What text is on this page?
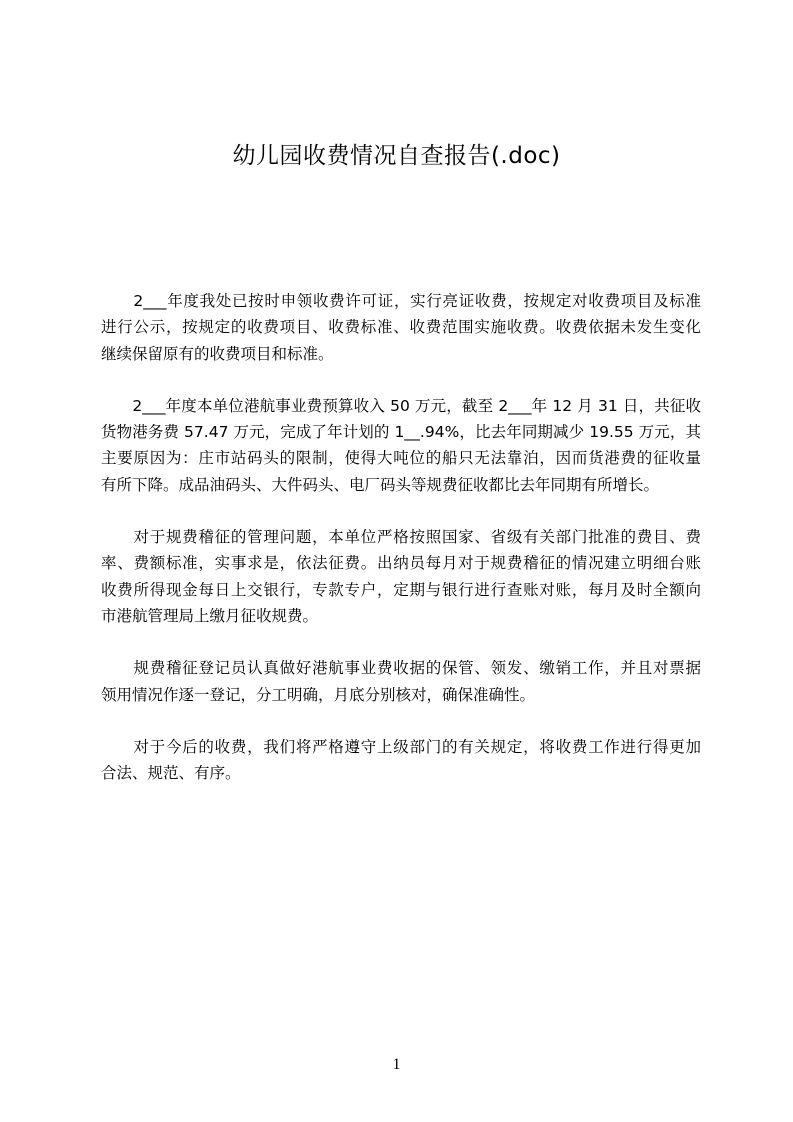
幼儿园收费情况自查报告(.doc)
　　2___年度我处已按时申领收费许可证，实行亮证收费，按规定对收费项目及标准
进行公示，按规定的收费项目、收费标准、收费范围实施收费。收费依据未发生变化
继续保留原有的收费项目和标准。
　　2___年度本单位港航事业费预算收入 50 万元，截至 2___年 12 月 31 日，共征收
货物港务费 57.47 万元，完成了年计划的 1__.94%，比去年同期减少 19.55 万元，其
主要原因为：庄市站码头的限制，使得大吨位的船只无法靠泊，因而货港费的征收量
有所下降。成品油码头、大件码头、电厂码头等规费征收都比去年同期有所增长。
　　对于规费稽征的管理问题，本单位严格按照国家、省级有关部门批准的费目、费
率、费额标准，实事求是，依法征费。出纳员每月对于规费稽征的情况建立明细台账
收费所得现金每日上交银行，专款专户，定期与银行进行查账对账，每月及时全额向
市港航管理局上缴月征收规费。
　　规费稽征登记员认真做好港航事业费收据的保管、领发、缴销工作，并且对票据
领用情况作逐一登记，分工明确，月底分别核对，确保准确性。
　　对于今后的收费，我们将严格遵守上级部门的有关规定，将收费工作进行得更加
合法、规范、有序。
1
